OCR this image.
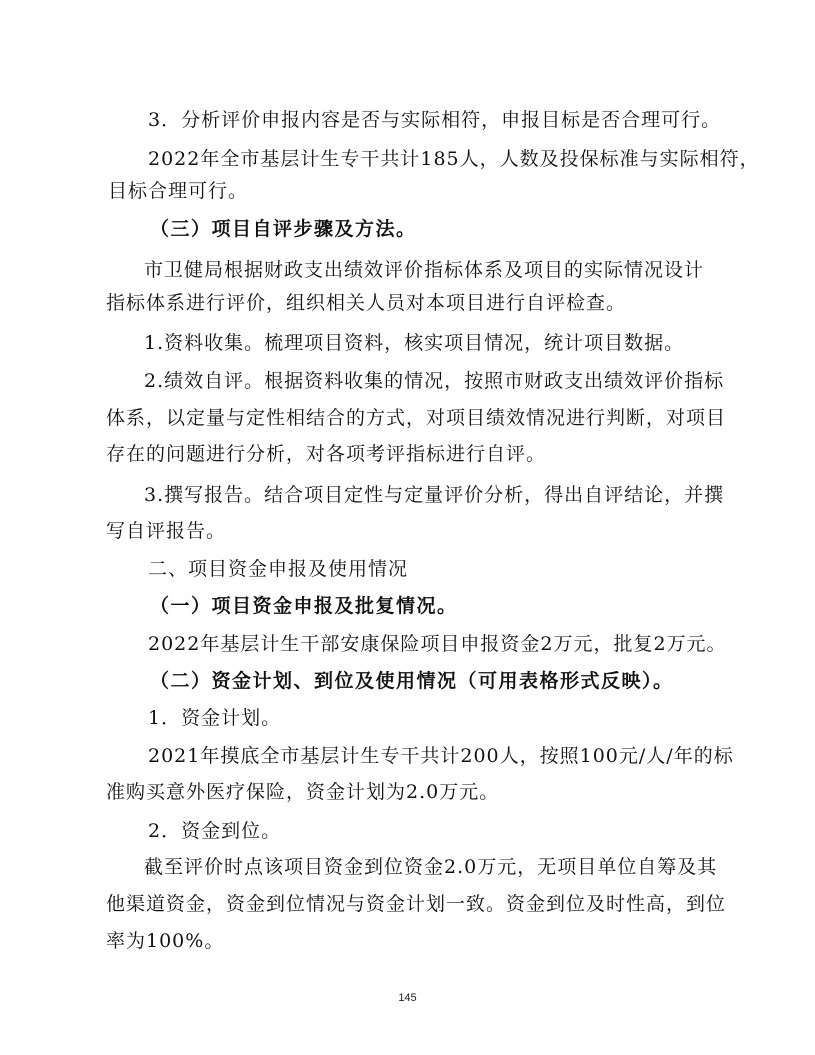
3．分析评价申报内容是否与实际相符，申报目标是否合理可行。
2022年全市基层计生专干共计185人，人数及投保标准与实际相符，
目标合理可行。
（三）项目自评步骤及方法。
市卫健局根据财政支出绩效评价指标体系及项目的实际情况设计
指标体系进行评价，组织相关人员对本项目进行自评检查。
1.资料收集。梳理项目资料，核实项目情况，统计项目数据。
2.绩效自评。根据资料收集的情况，按照市财政支出绩效评价指标
体系，以定量与定性相结合的方式，对项目绩效情况进行判断，对项目
存在的问题进行分析，对各项考评指标进行自评。
3.撰写报告。结合项目定性与定量评价分析，得出自评结论，并撰
写自评报告。
二、项目资金申报及使用情况
（一）项目资金申报及批复情况。
2022年基层计生干部安康保险项目申报资金2万元，批复2万元。
（二）资金计划、到位及使用情况（可用表格形式反映）。
1．资金计划。
2021年摸底全市基层计生专干共计200人，按照100元/人/年的标
准购买意外医疗保险，资金计划为2.0万元。
2．资金到位。
截至评价时点该项目资金到位资金2.0万元，无项目单位自筹及其
他渠道资金，资金到位情况与资金计划一致。资金到位及时性高，到位
率为100%。
145
